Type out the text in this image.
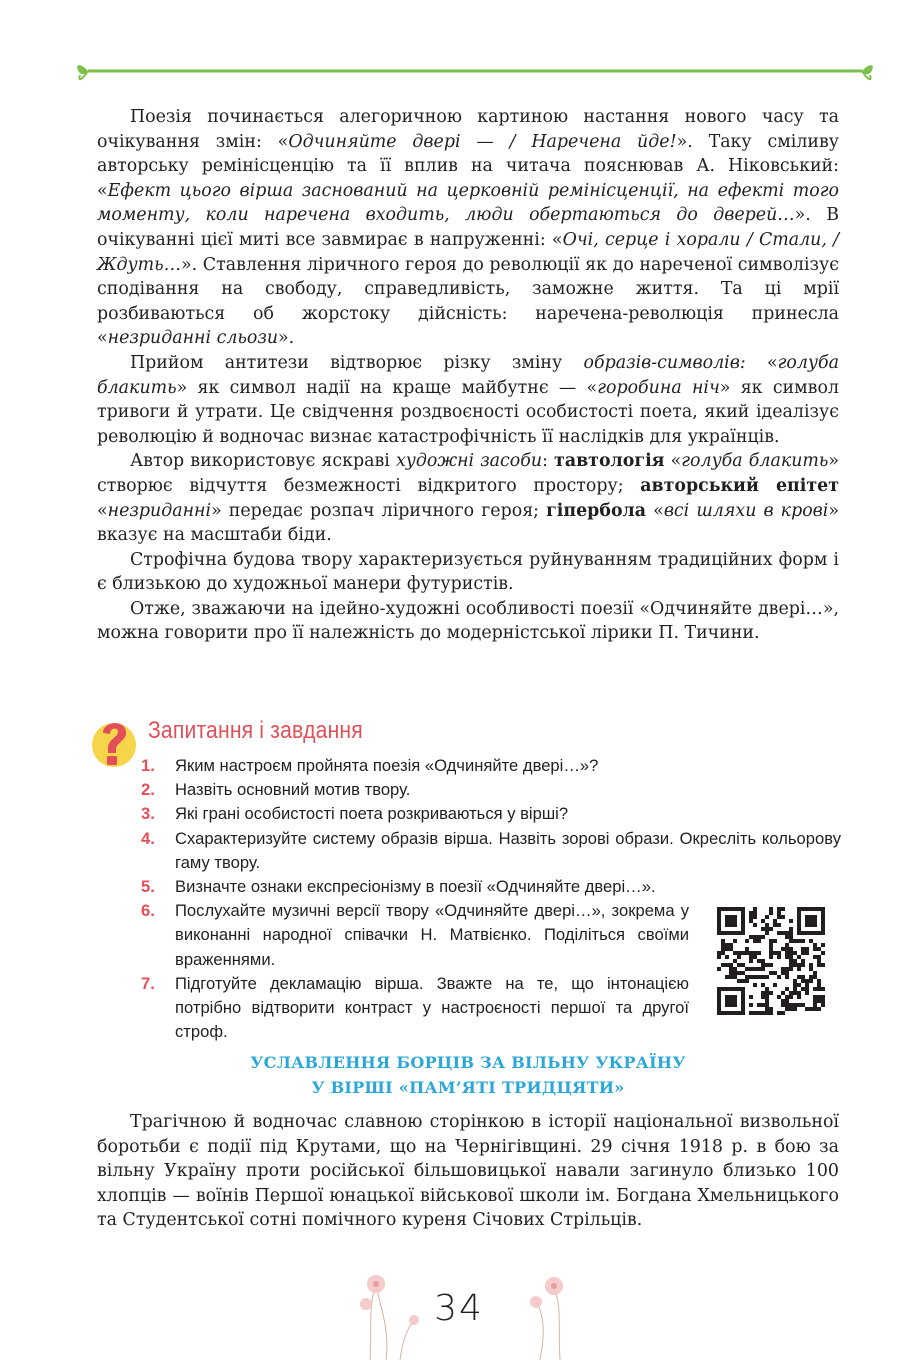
Поезія починається алегоричною картиною настання нового часу та очікування змін: «Одчиняйте двері — / Наречена йде!». Таку сміливу авторську ремінісценцію та її вплив на читача пояснював А. Ніковський: «Ефект цього вірша заснований на церковній ремінісценції, на ефекті того моменту, коли наречена входить, люди обертаються до дверей…». В очікуванні цієї миті все завмирає в напруженні: «Очі, серце і хорали / Стали, / Ждуть…». Ставлення ліричного героя до революції як до нареченої символізує сподівання на свободу, справедливість, заможне життя. Та ці мрії розбиваються об жорстоку дійсність: наречена-революція принесла «незриданні сльози».

Прийом антитези відтворює різку зміну образів-символів: «голуба блакить» як символ надії на краще майбутнє — «горобина ніч» як символ тривоги й утрати. Це свідчення роздвоєності особистості поета, який ідеалізує революцію й водночас визнає катастрофічність її наслідків для українців.

Автор використовує яскраві художні засоби: тавтологія «голуба блакить» створює відчуття безмежності відкритого простору; авторський епітет «незриданні» передає розпач ліричного героя; гіпербола «всі шляхи в крові» вказує на масштаби біди.

Строфічна будова твору характеризується руйнуванням традиційних форм і є близькою до художньої манери футуристів.

Отже, зважаючи на ідейно-художні особливості поезії «Одчиняйте двері…», можна говорити про її належність до модерністської лірики П. Тичини.

Запитання і завдання
1. Яким настроєм пройнята поезія «Одчиняйте двері…»?
2. Назвіть основний мотив твору.
3. Які грані особистості поета розкриваються у вірші?
4. Схарактеризуйте систему образів вірша. Назвіть зорові образи. Окресліть кольорову гаму твору.
5. Визначте ознаки експресіонізму в поезії «Одчиняйте двері…».
6. Послухайте музичні версії твору «Одчиняйте двері…», зокрема у виконанні народної співачки Н. Матвієнко. Поділіться своїми враженнями.
7. Підготуйте декламацію вірша. Зважте на те, що інтонацією потрібно відтворити контраст у настроєності першої та другої строф.
УСЛАВЛЕННЯ БОРЦІВ ЗА ВІЛЬНУ УКРАЇНУ
У ВІРШІ «ПАМ’ЯТІ ТРИДЦЯТИ»

Трагічною й водночас славною сторінкою в історії національної визвольної боротьби є події під Крутами, що на Чернігівщині. 29 січня 1918 р. в бою за вільну Україну проти російської більшовицької навали загинуло близько 100 хлопців — воїнів Першої юнацької військової школи ім. Богдана Хмельницького та Студентської сотні помічного куреня Січових Стрільців.

34
